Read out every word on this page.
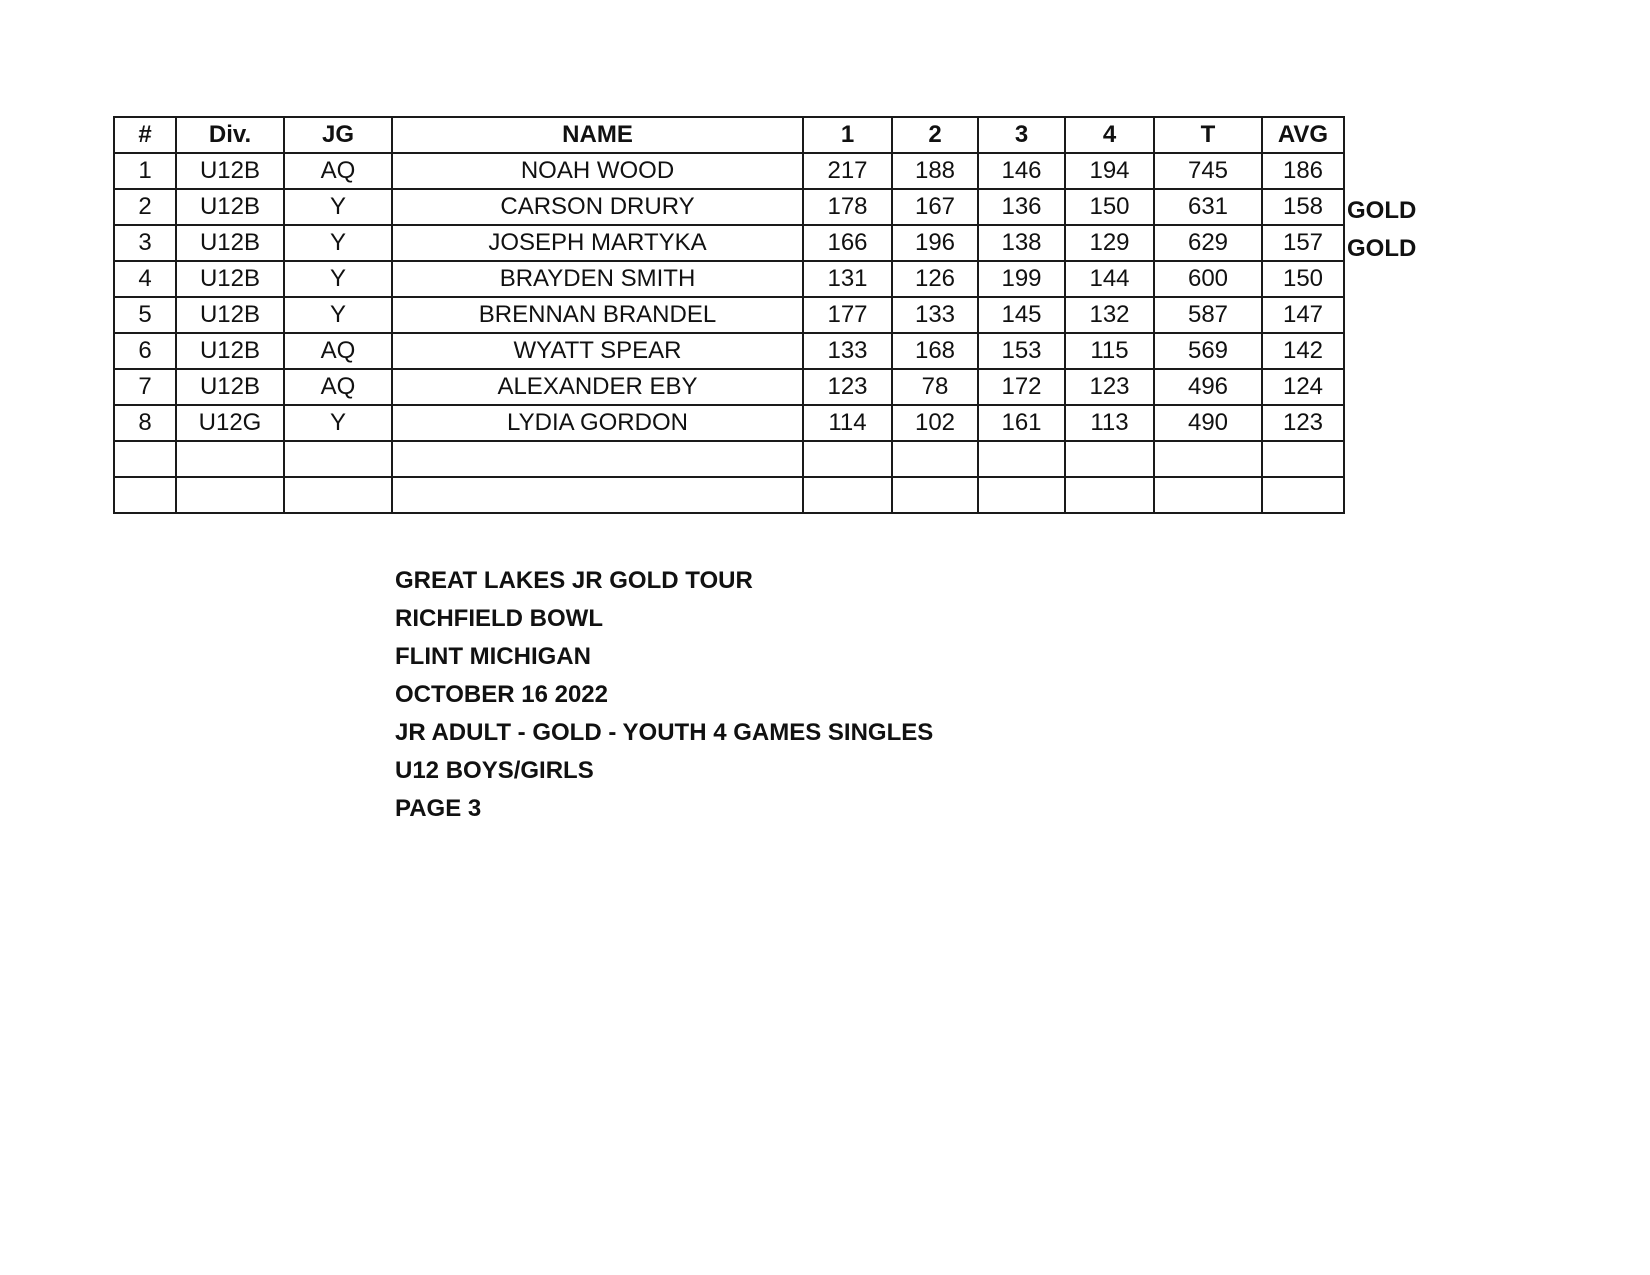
#	Div.	JG	NAME	1	2	3	4	T	AVG
1	U12B	AQ	NOAH WOOD	217	188	146	194	745	186
2	U12B	Y	CARSON DRURY	178	167	136	150	631	158
3	U12B	Y	JOSEPH MARTYKA	166	196	138	129	629	157
4	U12B	Y	BRAYDEN SMITH	131	126	199	144	600	150
5	U12B	Y	BRENNAN BRANDEL	177	133	145	132	587	147
6	U12B	AQ	WYATT SPEAR	133	168	153	115	569	142
7	U12B	AQ	ALEXANDER EBY	123	78	172	123	496	124
8	U12G	Y	LYDIA GORDON	114	102	161	113	490	123

GOLD
GOLD
GREAT LAKES JR GOLD TOUR
RICHFIELD BOWL
FLINT MICHIGAN
OCTOBER 16 2022
JR ADULT - GOLD - YOUTH 4 GAMES SINGLES
U12 BOYS/GIRLS
PAGE 3
